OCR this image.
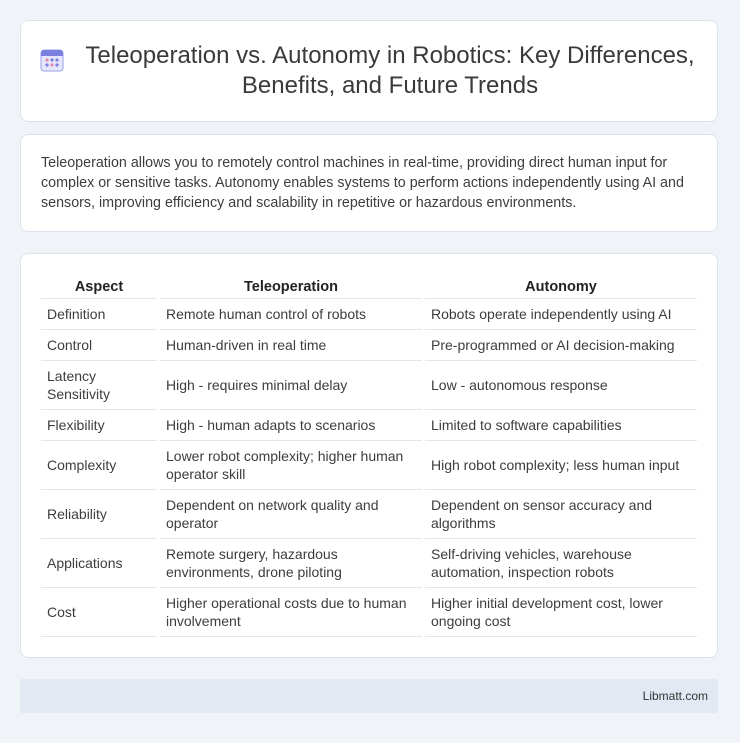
Teleoperation vs. Autonomy in Robotics: Key Differences, Benefits, and Future Trends

Teleoperation allows you to remotely control machines in real-time, providing direct human input for complex or sensitive tasks. Autonomy enables systems to perform actions independently using AI and sensors, improving efficiency and scalability in repetitive or hazardous environments.

Aspect	Teleoperation	Autonomy
Definition	Remote human control of robots	Robots operate independently using AI
Control	Human-driven in real time	Pre-programmed or AI decision-making
Latency Sensitivity	High - requires minimal delay	Low - autonomous response
Flexibility	High - human adapts to scenarios	Limited to software capabilities
Complexity	Lower robot complexity; higher human operator skill	High robot complexity; less human input
Reliability	Dependent on network quality and operator	Dependent on sensor accuracy and algorithms
Applications	Remote surgery, hazardous environments, drone piloting	Self-driving vehicles, warehouse automation, inspection robots
Cost	Higher operational costs due to human involvement	Higher initial development cost, lower ongoing cost
Libmatt.com
